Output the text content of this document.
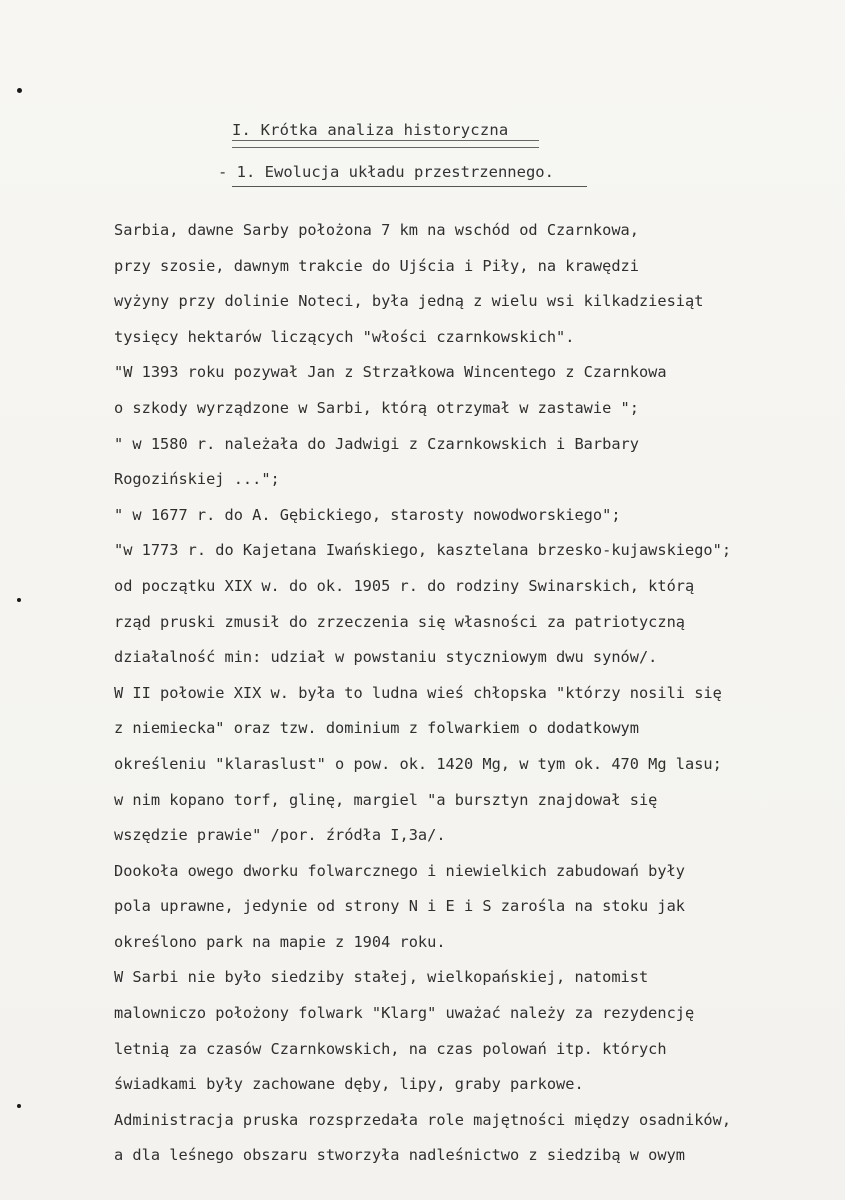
I. Krótka analiza historyczna
- 1. Ewolucja układu przestrzennego.
Sarbia, dawne Sarby położona 7 km na wschód od Czarnkowa,
przy szosie, dawnym trakcie do Ujścia i Piły, na krawędzi
wyżyny przy dolinie Noteci, była jedną z wielu wsi kilkadziesiąt
tysięcy hektarów liczących "włości czarnkowskich".
"W 1393 roku pozywał Jan z Strzałkowa Wincentego z Czarnkowa
o szkody wyrządzone w Sarbi, którą otrzymał w zastawie ";
" w 1580 r. należała do Jadwigi z Czarnkowskich i Barbary
Rogozińskiej ...";
" w 1677 r. do A. Gębickiego, starosty nowodworskiego";
"w 1773 r. do Kajetana Iwańskiego, kasztelana brzesko-kujawskiego";
od początku XIX w. do ok. 1905 r. do rodziny Swinarskich, którą
rząd pruski zmusił do zrzeczenia się własności za patriotyczną
działalność min: udział w powstaniu styczniowym dwu synów/.
W II połowie XIX w. była to ludna wieś chłopska "którzy nosili się
z niemiecka" oraz tzw. dominium z folwarkiem o dodatkowym
określeniu "klaraslust" o pow. ok. 1420 Mg, w tym ok. 470 Mg lasu;
w nim kopano torf, glinę, margiel "a bursztyn znajdował się
wszędzie prawie" /por. źródła I,3a/.
Dookoła owego dworku folwarcznego i niewielkich zabudowań były
pola uprawne, jedynie od strony N i E i S zarośla na stoku jak
określono park na mapie z 1904 roku.
W Sarbi nie było siedziby stałej, wielkopańskiej, natomist
malowniczo położony folwark "Klarg" uważać należy za rezydencję
letnią za czasów Czarnkowskich, na czas polowań itp. których
świadkami były zachowane dęby, lipy, graby parkowe.
Administracja pruska rozsprzedała role majętności między osadników,
a dla leśnego obszaru stworzyła nadleśnictwo z siedzibą w owym
